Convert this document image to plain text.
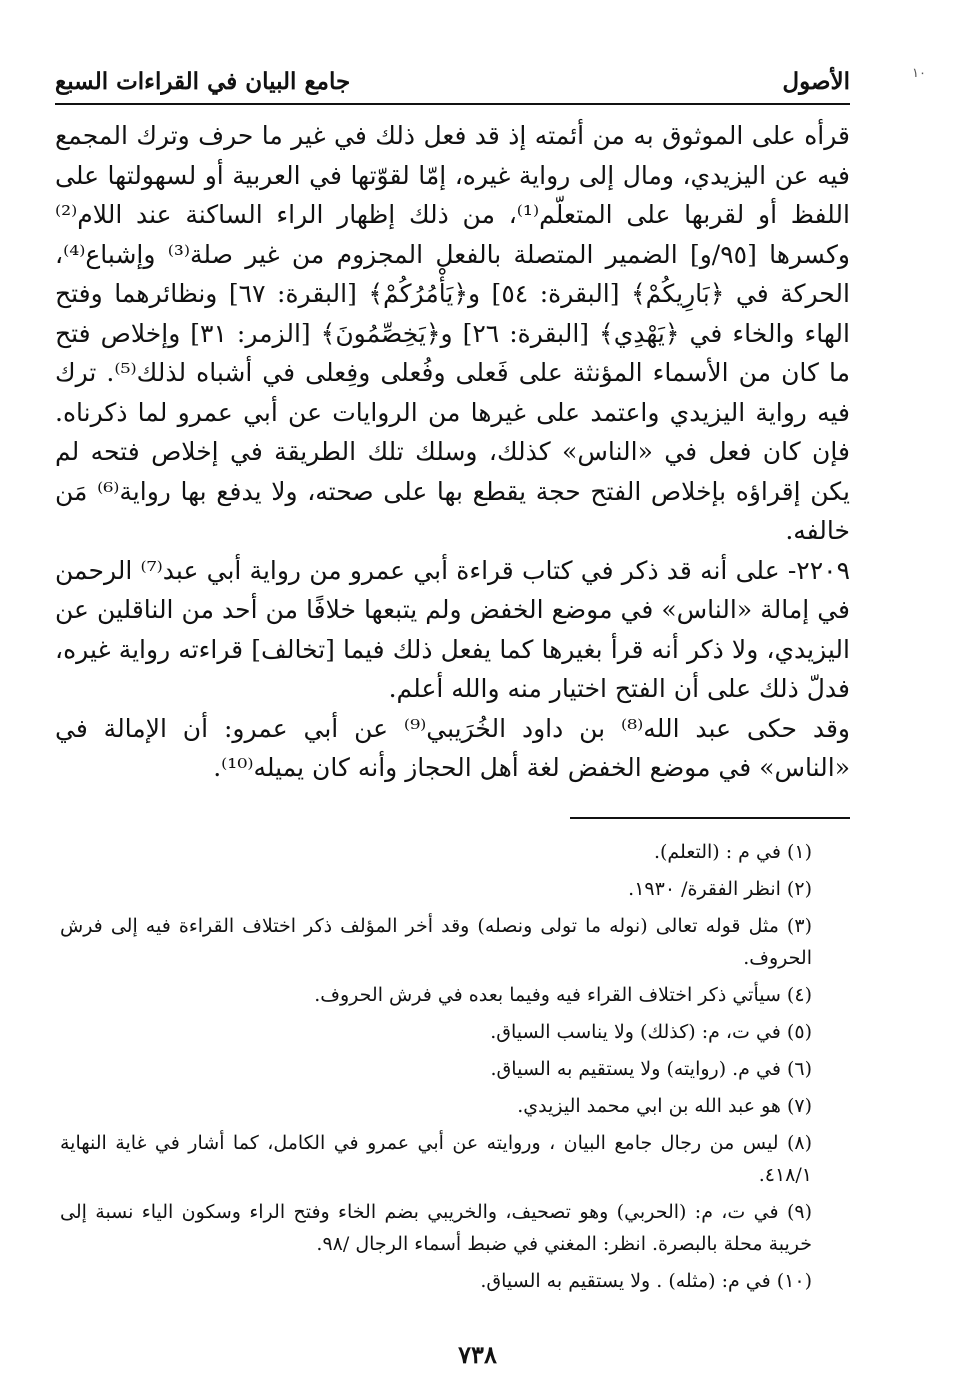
١٠
الأصول
جامع البيان في القراءات السبع

قرأه على الموثوق به من أئمته إذ قد فعل ذلك في غير ما حرف وترك المجمع فيه عن اليزيدي، ومال إلى رواية غيره، إمّا لقوّتها في العربية أو لسهولتها على اللفظ أو لقربها على المتعلّم⁽¹⁾، من ذلك إظهار الراء الساكنة عند اللام⁽²⁾ وكسرها [٩٥/و] الضمير المتصلة بالفعل المجزوم من غير صلة⁽³⁾ وإشباع⁽⁴⁾، الحركة في ﴿بَارِيكُمْ﴾ [البقرة: ٥٤] و﴿يَأْمُرُكُمْ﴾ [البقرة: ٦٧] ونظائرهما وفتح الهاء والخاء في ﴿يَهْدِي﴾ [البقرة: ٢٦] و﴿يَخِصِّمُونَ﴾ [الزمر: ٣١] وإخلاص فتح ما كان من الأسماء المؤنثة على فَعلى وفُعلى وفِعلى في أشباه لذلك⁽⁵⁾. ترك فيه رواية اليزيدي واعتمد على غيرها من الروايات عن أبي عمرو لما ذكرناه. فإن كان فعل في «الناس» كذلك، وسلك تلك الطريقة في إخلاص فتحه لم يكن إقراؤه بإخلاص الفتح حجة يقطع بها على صحته، ولا يدفع بها رواية⁽⁶⁾ مَن خالفه.

٢٢٠٩- على أنه قد ذكر في كتاب قراءة أبي عمرو من رواية أبي عبد⁽⁷⁾ الرحمن في إمالة «الناس» في موضع الخفض ولم يتبعها خلافًا من أحد من الناقلين عن اليزيدي، ولا ذكر أنه قرأ بغيرها كما يفعل ذلك فيما [تخالف] قراءته رواية غيره، فدلّ ذلك على أن الفتح اختيار منه والله أعلم.

وقد حكى عبد الله⁽⁸⁾ بن داود الخُرَيبي⁽⁹⁾ عن أبي عمرو: أن الإمالة في «الناس» في موضع الخفض لغة أهل الحجاز وأنه كان يميله⁽¹⁰⁾.

(١) في م : (التعلم).
(٢) انظر الفقرة/ ١٩٣٠.
(٣) مثل قوله تعالى (نوله ما تولى ونصله) وقد أخر المؤلف ذكر اختلاف القراءة فيه إلى فرش الحروف.
(٤) سيأتي ذكر اختلاف القراء فيه وفيما بعده في فرش الحروف.
(٥) في ت، م: (كذلك) ولا يناسب السياق.
(٦) في م. (روايته) ولا يستقيم به السياق.
(٧) هو عبد الله بن ابي محمد اليزيدي.
(٨) ليس من رجال جامع البيان ، وروايته عن أبي عمرو في الكامل، كما أشار في غاية النهاية ٤١٨/١.
(٩) في ت، م: (الحربي) وهو تصحيف، والخريبي بضم الخاء وفتح الراء وسكون الياء نسبة إلى خريبة محلة بالبصرة. انظر: المغني في ضبط أسماء الرجال /٩٨.
(١٠) في م: (مثله) . ولا يستقيم به السياق.
٧٣٨
